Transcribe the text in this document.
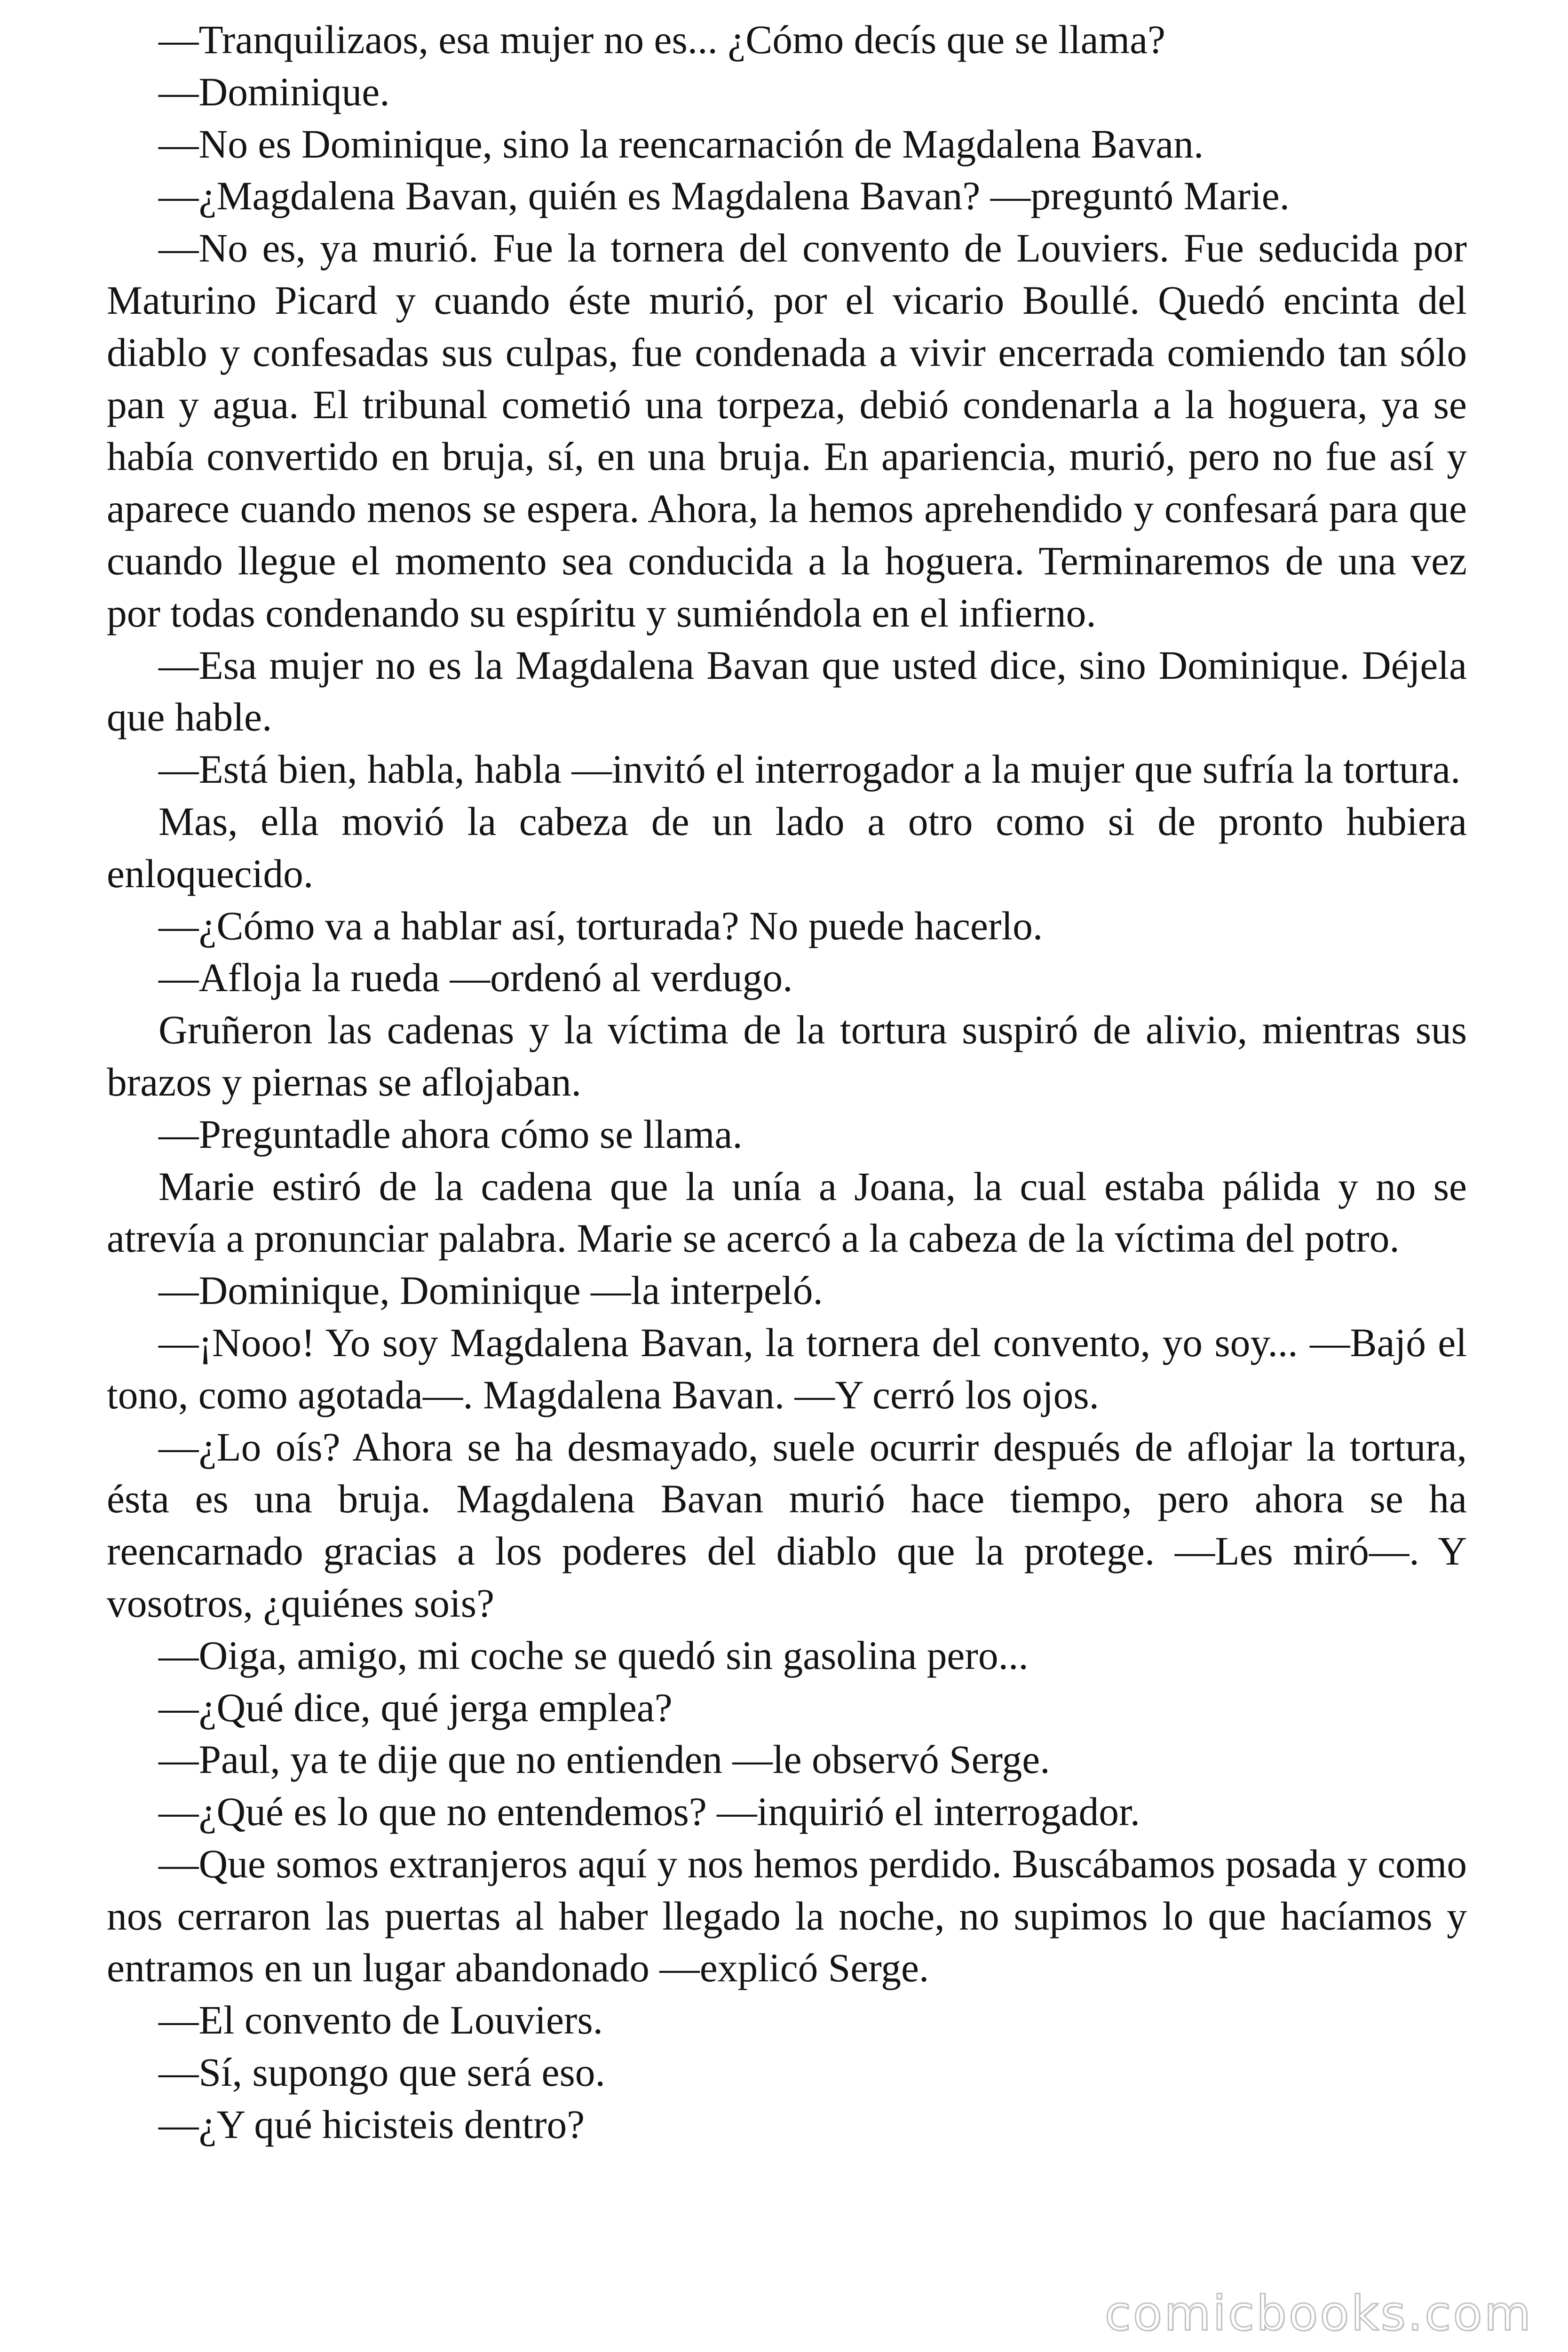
—Tranquilizaos, esa mujer no es... ¿Cómo decís que se llama?

—Dominique.

—No es Dominique, sino la reencarnación de Magdalena Bavan.

—¿Magdalena Bavan, quién es Magdalena Bavan? —preguntó Marie.

—No es, ya murió. Fue la tornera del convento de Louviers. Fue seducida por Maturino Picard y cuando éste murió, por el vicario Boullé. Quedó encinta del diablo y confesadas sus culpas, fue condenada a vivir encerrada comiendo tan sólo pan y agua. El tribunal cometió una torpeza, debió condenarla a la hoguera, ya se había convertido en bruja, sí, en una bruja. En apariencia, murió, pero no fue así y aparece cuando menos se espera. Ahora, la hemos aprehendido y confesará para que cuando llegue el momento sea conducida a la hoguera. Terminaremos de una vez por todas condenando su espíritu y sumiéndola en el infierno.

—Esa mujer no es la Magdalena Bavan que usted dice, sino Dominique. Déjela que hable.

—Está bien, habla, habla —invitó el interrogador a la mujer que sufría la tortura.

Mas, ella movió la cabeza de un lado a otro como si de pronto hubiera enloquecido.

—¿Cómo va a hablar así, torturada? No puede hacerlo.

—Afloja la rueda —ordenó al verdugo.

Gruñeron las cadenas y la víctima de la tortura suspiró de alivio, mientras sus brazos y piernas se aflojaban.

—Preguntadle ahora cómo se llama.

Marie estiró de la cadena que la unía a Joana, la cual estaba pálida y no se atrevía a pronunciar palabra. Marie se acercó a la cabeza de la víctima del potro.

—Dominique, Dominique —la interpeló.

—¡Nooo! Yo soy Magdalena Bavan, la tornera del convento, yo soy... —Bajó el tono, como agotada—. Magdalena Bavan. —Y cerró los ojos.

—¿Lo oís? Ahora se ha desmayado, suele ocurrir después de aflojar la tortura, ésta es una bruja. Magdalena Bavan murió hace tiempo, pero ahora se ha reencarnado gracias a los poderes del diablo que la protege. —Les miró—. Y vosotros, ¿quiénes sois?

—Oiga, amigo, mi coche se quedó sin gasolina pero...

—¿Qué dice, qué jerga emplea?

—Paul, ya te dije que no entienden —le observó Serge.

—¿Qué es lo que no entendemos? —inquirió el interrogador.

—Que somos extranjeros aquí y nos hemos perdido. Buscábamos posada y como nos cerraron las puertas al haber llegado la noche, no supimos lo que hacíamos y entramos en un lugar abandonado —explicó Serge.

—El convento de Louviers.

—Sí, supongo que será eso.

—¿Y qué hicisteis dentro?

comicbooks.com
